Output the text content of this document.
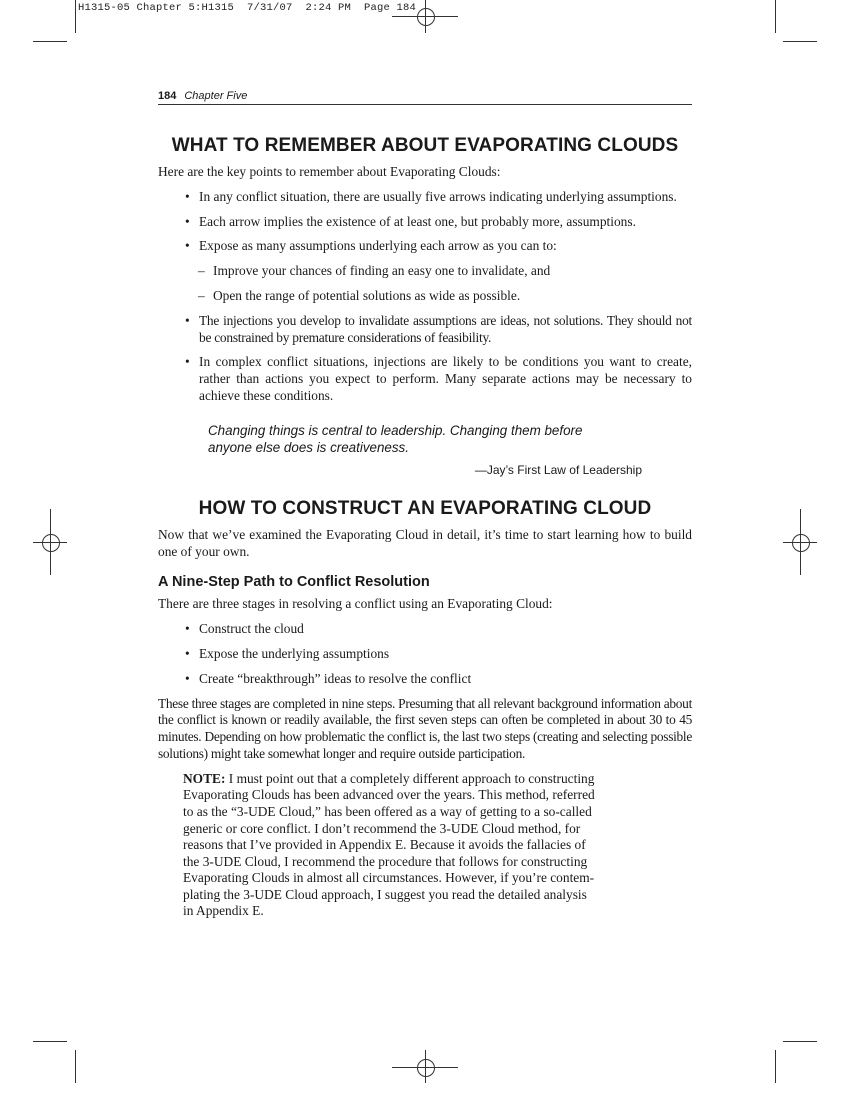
H1315-05 Chapter 5:H1315  7/31/07  2:24 PM  Page 184
184 Chapter Five
WHAT TO REMEMBER ABOUT EVAPORATING CLOUDS

Here are the key points to remember about Evaporating Clouds:

• In any conflict situation, there are usually five arrows indicating underlying assumptions.
• Each arrow implies the existence of at least one, but probably more, assumptions.
• Expose as many assumptions underlying each arrow as you can to:
– Improve your chances of finding an easy one to invalidate, and
– Open the range of potential solutions as wide as possible.
• The injections you develop to invalidate assumptions are ideas, not solutions. They should not be constrained by premature considerations of feasibility.
• In complex conflict situations, injections are likely to be conditions you want to create, rather than actions you expect to perform. Many separate actions may be necessary to achieve these conditions.
Changing things is central to leadership. Changing them before anyone else does is creativeness.
—Jay’s First Law of Leadership
HOW TO CONSTRUCT AN EVAPORATING CLOUD

Now that we’ve examined the Evaporating Cloud in detail, it’s time to start learning how to build one of your own.

A Nine-Step Path to Conflict Resolution

There are three stages in resolving a conflict using an Evaporating Cloud:

• Construct the cloud
• Expose the underlying assumptions
• Create “breakthrough” ideas to resolve the conflict

These three stages are completed in nine steps. Presuming that all relevant background information about the conflict is known or readily available, the first seven steps can often be completed in about 30 to 45 minutes. Depending on how problematic the conflict is, the last two steps (creating and selecting possible solutions) might take somewhat longer and require outside participation.

NOTE: I must point out that a completely different approach to constructing
Evaporating Clouds has been advanced over the years. This method, referred
to as the “3-UDE Cloud,” has been offered as a way of getting to a so-called
generic or core conflict. I don’t recommend the 3-UDE Cloud method, for
reasons that I’ve provided in Appendix E. Because it avoids the fallacies of
the 3-UDE Cloud, I recommend the procedure that follows for constructing
Evaporating Clouds in almost all circumstances. However, if you’re contem-
plating the 3-UDE Cloud approach, I suggest you read the detailed analysis
in Appendix E.
